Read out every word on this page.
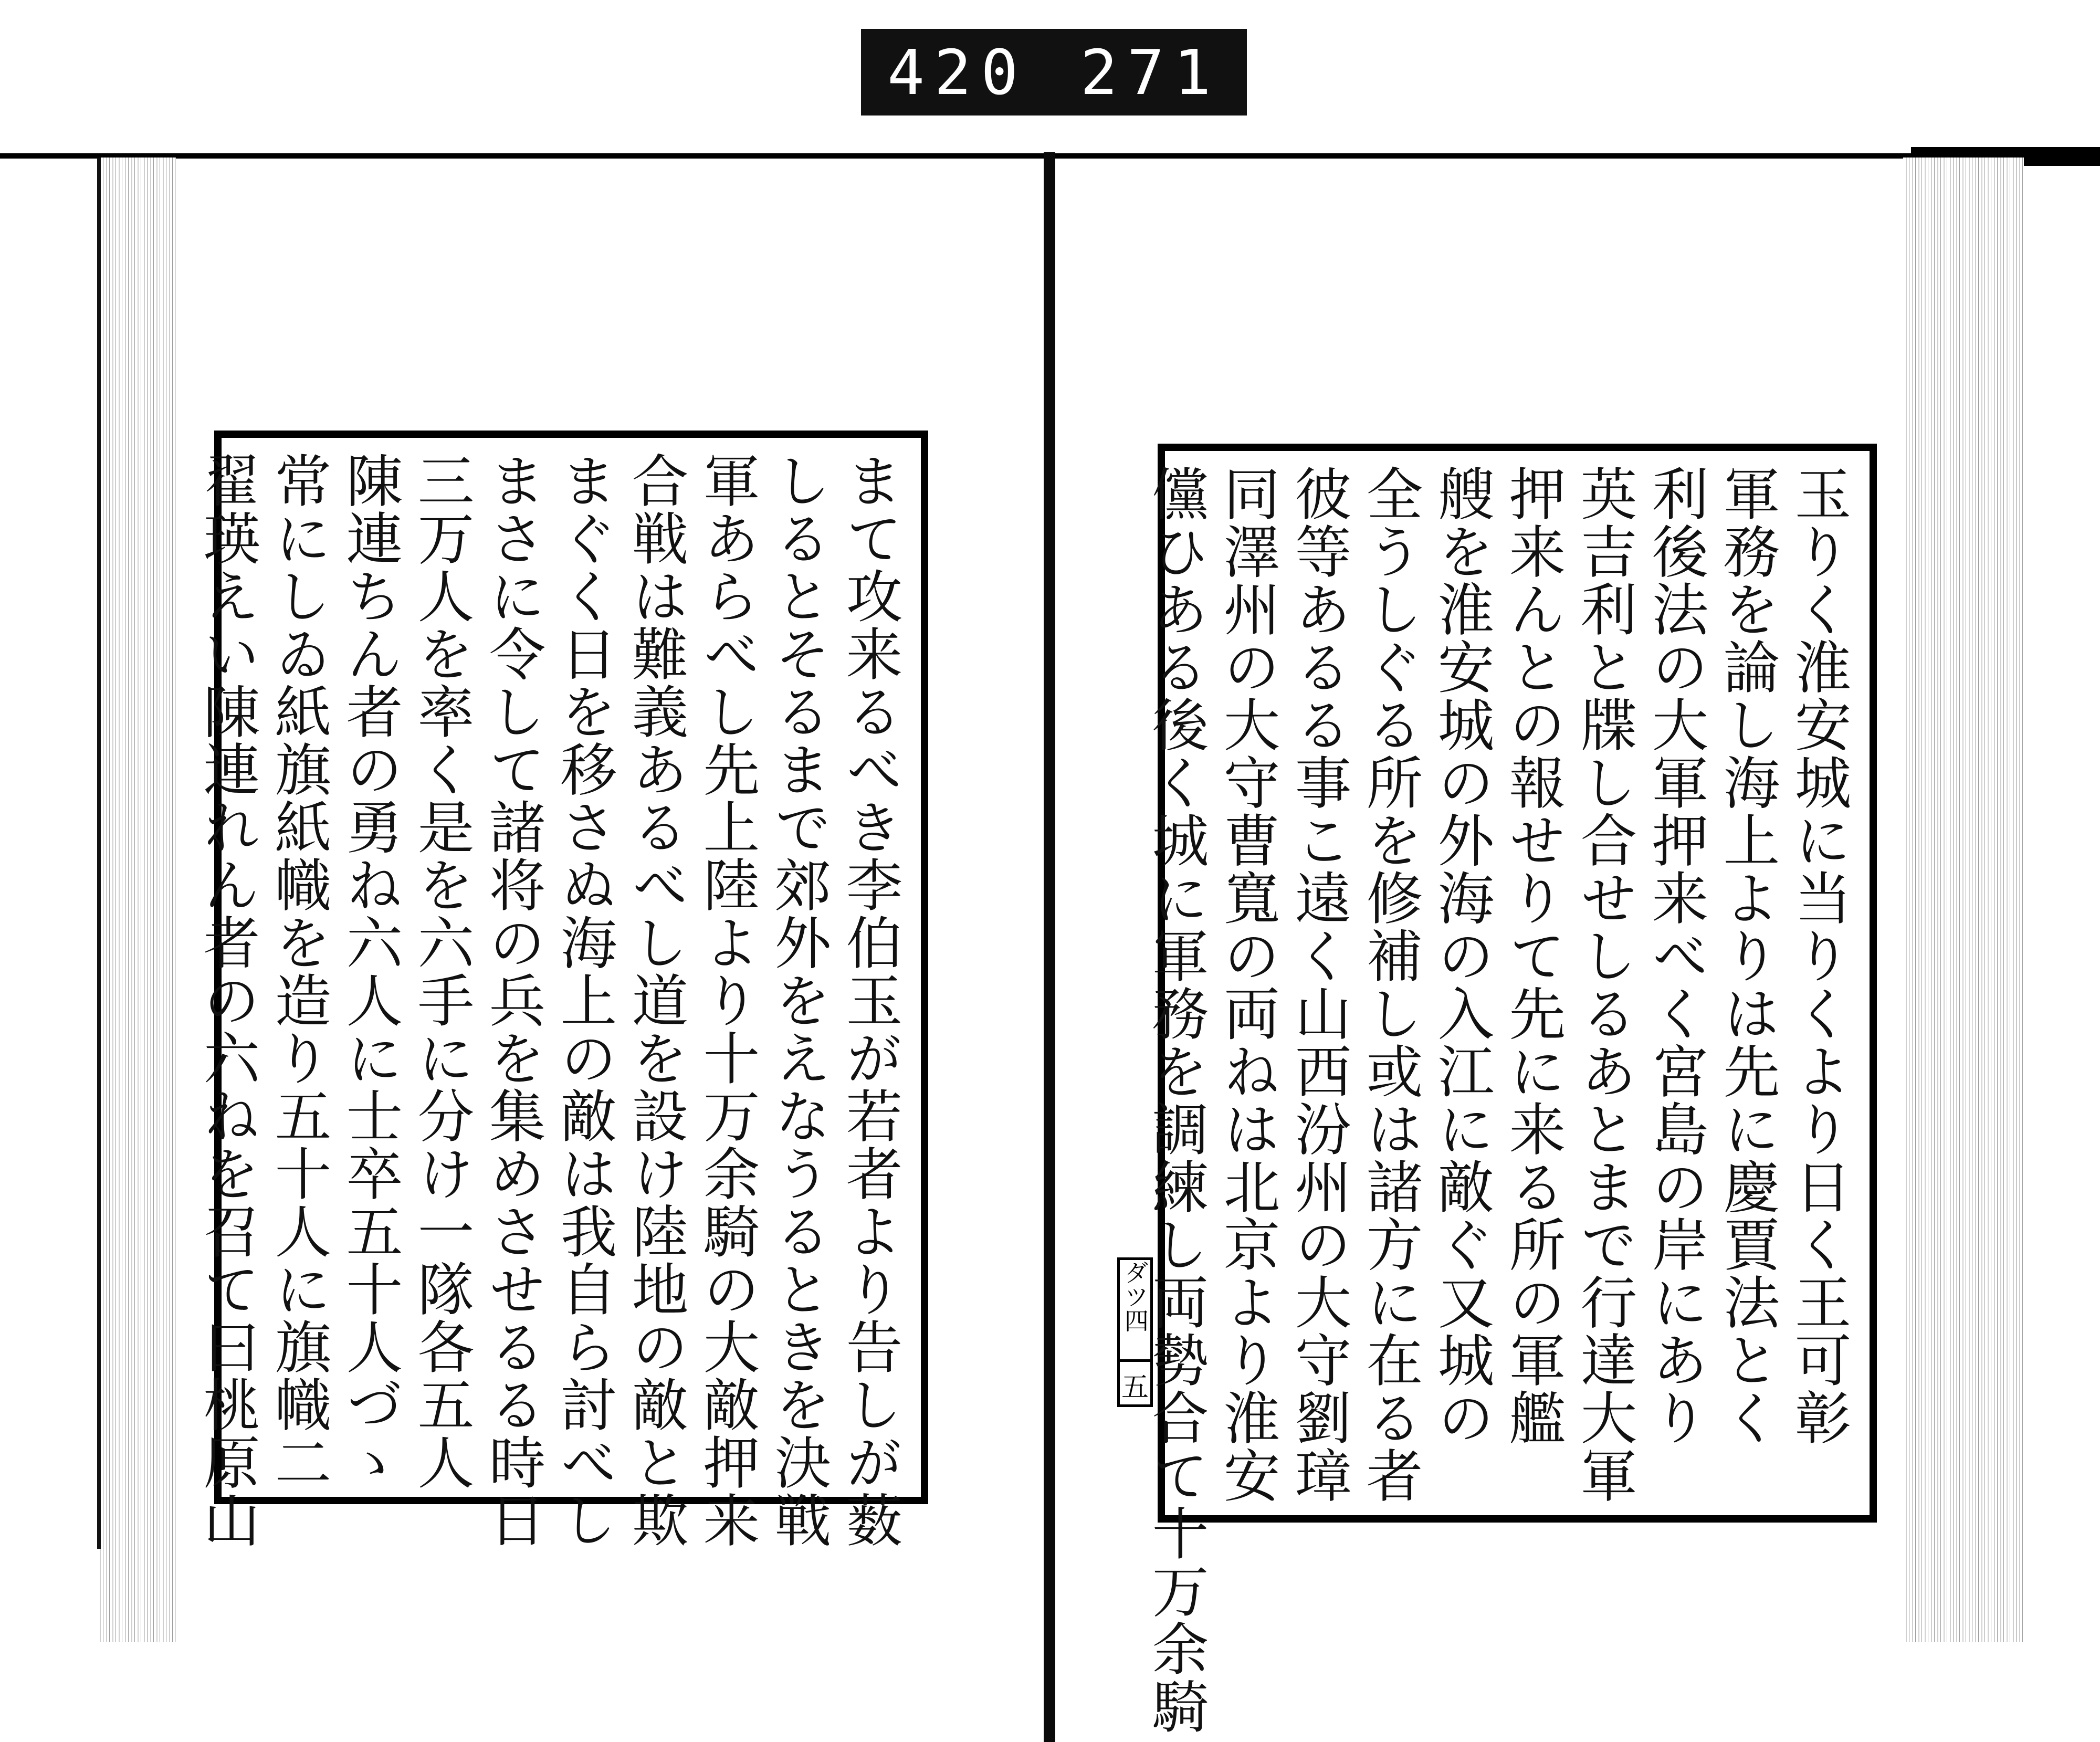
420 271
まて攻来るべき李伯玉が若者より告しが薮
しるとそるまで郊外をえなうるときを決戦
軍あらべし先上陸より十万余騎の大敵押来
合戦は難義あるべし道を設け陸地の敵と欺
まぐく日を移さぬ海上の敵は我自ら討べし
まさに令して諸将の兵を集めさせるる時日
三万人を率く是を六手に分け一隊各五人
陳連ちん者の勇ね六人に士卒五十人づゝ
常にしゐ紙旗紙幟を造り五十人に旗幟二
翟瑛えい陳連れん者の六ねを召て曰桃原山	玉りく淮安城に当りくより日く王可彰
軍務を論し海上よりは先に慶賈法とく
利後法の大軍押来べく宮島の岸にあり
英吉利と牒し合せしるあとまで行達大軍
押来んとの報せりて先に来る所の軍艦
艘を淮安城の外海の入江に敵ぐ又城の
全うしぐる所を修補し或は諸方に在る者
彼等あるる事こ遠く山西汾州の大守劉璋
同澤州の大守曹寬の両ねは北京より淮安
儻ひある後く城に軍務を調練し両勢合て十万余騎
ダツ四
五
